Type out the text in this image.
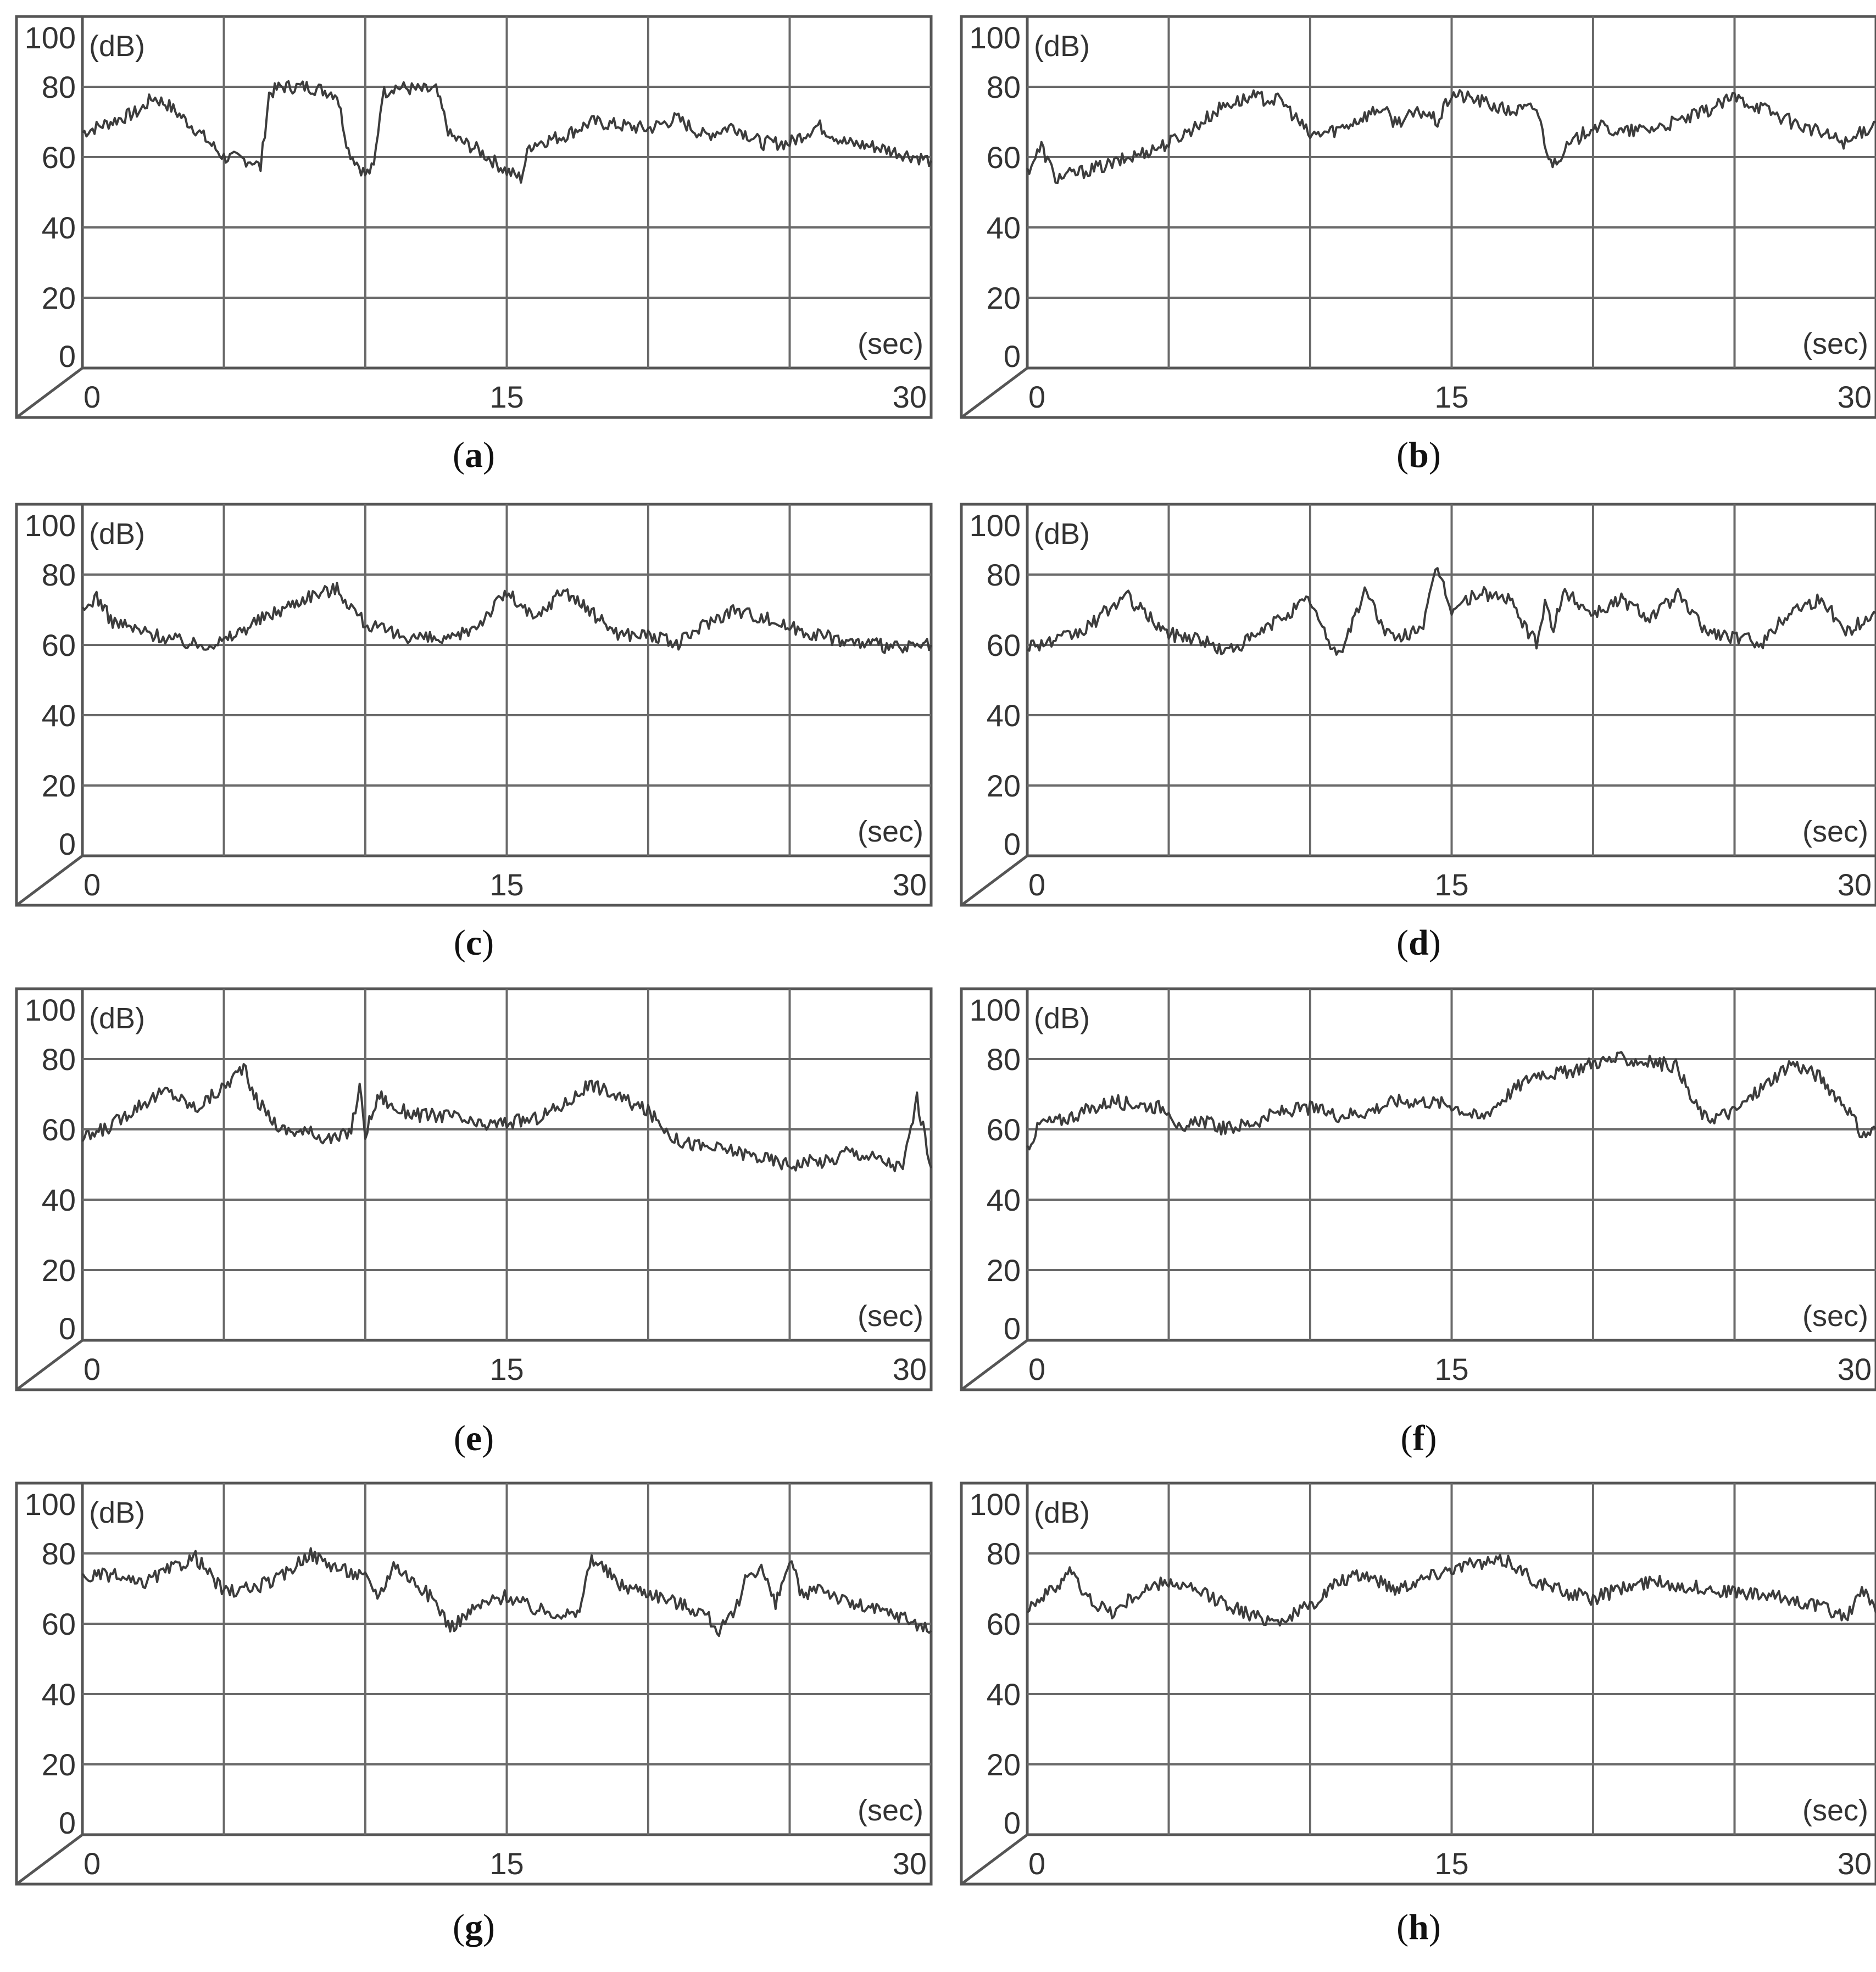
0
20
40
60
80
100
0	15	30
(dB)
(sec)
(a)
0
20
40
60
80
100
0	15	30
(dB)
(sec)
(b)
0
20
40
60
80
100
0	15	30
(dB)
(sec)
(c)
0
20
40
60
80
100
0	15	30
(dB)
(sec)
(d)
0
20
40
60
80
100
0	15	30
(dB)
(sec)
(e)
0
20
40
60
80
100
0	15	30
(dB)
(sec)
(f)
0
20
40
60
80
100
0	15	30
(dB)
(sec)
(g)
0
20
40
60
80
100
0	15	30
(dB)
(sec)
(h)
